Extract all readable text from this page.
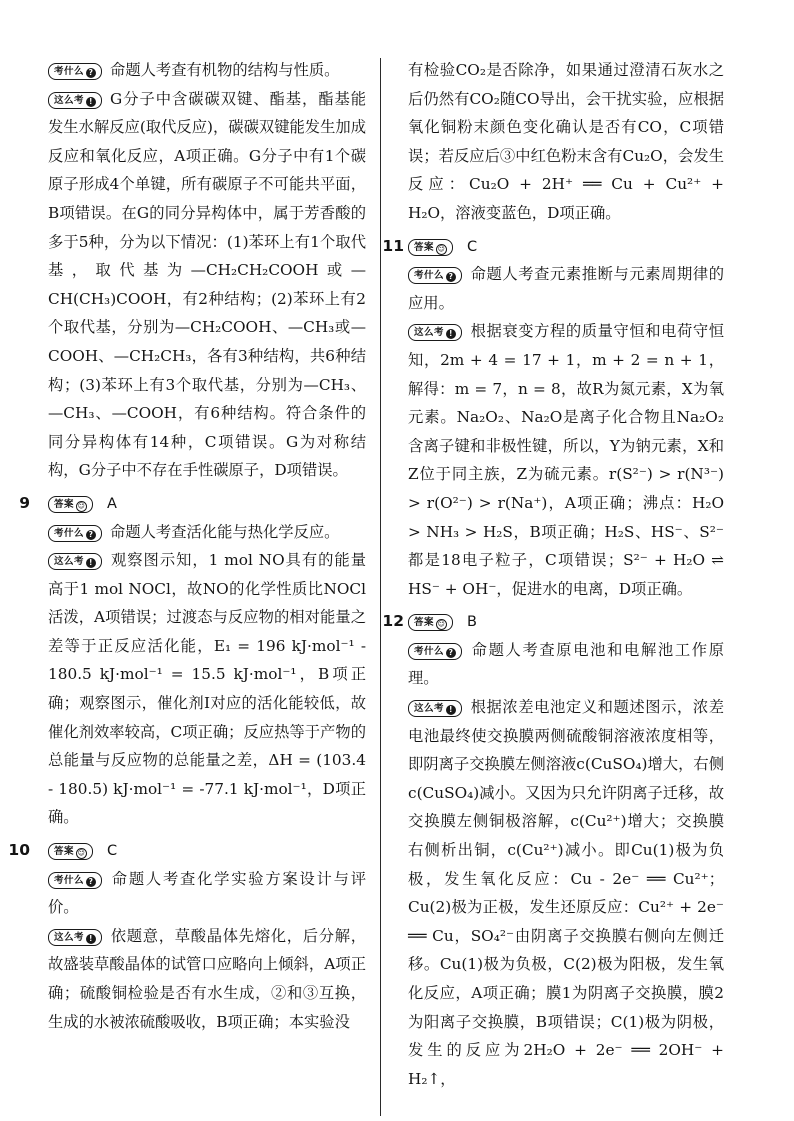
考什么 ? 命题人考查有机物的结构与性质。

这么考 ! G分子中含碳碳双键、酯基，酯基能发生水解反应(取代反应)，碳碳双键能发生加成反应和氧化反应，A项正确。G分子中有1个碳原子形成4个单键，所有碳原子不可能共平面，B项错误。在G的同分异构体中，属于芳香酸的多于5种，分为以下情况：(1)苯环上有1个取代基，取代基为—CH₂CH₂COOH或—CH(CH₃)COOH，有2种结构；(2)苯环上有2个取代基，分别为—CH₂COOH、—CH₃或—COOH、—CH₂CH₃，各有3种结构，共6种结构；(3)苯环上有3个取代基，分别为—CH₃、—CH₃、—COOH，有6种结构。符合条件的同分异构体有14种，C项错误。G为对称结构，G分子中不存在手性碳原子，D项错误。

9	答案 ☺ A

考什么 ? 命题人考查活化能与热化学反应。

这么考 ! 观察图示知，1 mol NO具有的能量高于1 mol NOCl，故NO的化学性质比NOCl活泼，A项错误；过渡态与反应物的相对能量之差等于正反应活化能，E₁ = 196 kJ·mol⁻¹ - 180.5 kJ·mol⁻¹ = 15.5 kJ·mol⁻¹，B项正确；观察图示，催化剂Ⅰ对应的活化能较低，故催化剂效率较高，C项正确；反应热等于产物的总能量与反应物的总能量之差，ΔH = (103.4 - 180.5) kJ·mol⁻¹ = -77.1 kJ·mol⁻¹，D项正确。

10	答案 ☺ C

考什么 ? 命题人考查化学实验方案设计与评价。

这么考 ! 依题意，草酸晶体先熔化，后分解，故盛装草酸晶体的试管口应略向上倾斜，A项正确；硫酸铜检验是否有水生成，②和③互换，生成的水被浓硫酸吸收，B项正确；本实验没

有检验CO₂是否除净，如果通过澄清石灰水之后仍然有CO₂随CO导出，会干扰实验，应根据氧化铜粉末颜色变化确认是否有CO，C项错误；若反应后③中红色粉末含有Cu₂O，会发生反应：Cu₂O + 2H⁺ ══ Cu + Cu²⁺ + H₂O，溶液变蓝色，D项正确。

11 答案 ☺ C

考什么 ? 命题人考查元素推断与元素周期律的应用。

这么考 ! 根据衰变方程的质量守恒和电荷守恒知，2m + 4 = 17 + 1，m + 2 = n + 1，解得：m = 7，n = 8，故R为氮元素，X为氧元素。Na₂O₂、Na₂O是离子化合物且Na₂O₂含离子键和非极性键，所以，Y为钠元素，X和Z位于同主族，Z为硫元素。r(S²⁻) > r(N³⁻) > r(O²⁻) > r(Na⁺)，A项正确；沸点：H₂O > NH₃ > H₂S，B项正确；H₂S、HS⁻、S²⁻都是18电子粒子，C项错误；S²⁻ + H₂O ⇌ HS⁻ + OH⁻，促进水的电离，D项正确。

12 答案 ☺ B

考什么 ? 命题人考查原电池和电解池工作原理。

这么考 ! 根据浓差电池定义和题述图示，浓差电池最终使交换膜两侧硫酸铜溶液浓度相等，即阴离子交换膜左侧溶液c(CuSO₄)增大，右侧c(CuSO₄)减小。又因为只允许阴离子迁移，故交换膜左侧铜极溶解，c(Cu²⁺)增大；交换膜右侧析出铜，c(Cu²⁺)减小。即Cu(1)极为负极，发生氧化反应：Cu - 2e⁻ ══ Cu²⁺；Cu(2)极为正极，发生还原反应：Cu²⁺ + 2e⁻ ══ Cu，SO₄²⁻由阴离子交换膜右侧向左侧迁移。Cu(1)极为负极，C(2)极为阳极，发生氧化反应，A项正确；膜1为阴离子交换膜，膜2为阳离子交换膜，B项错误；C(1)极为阴极，发生的反应为2H₂O + 2e⁻ ══ 2OH⁻ + H₂↑，
